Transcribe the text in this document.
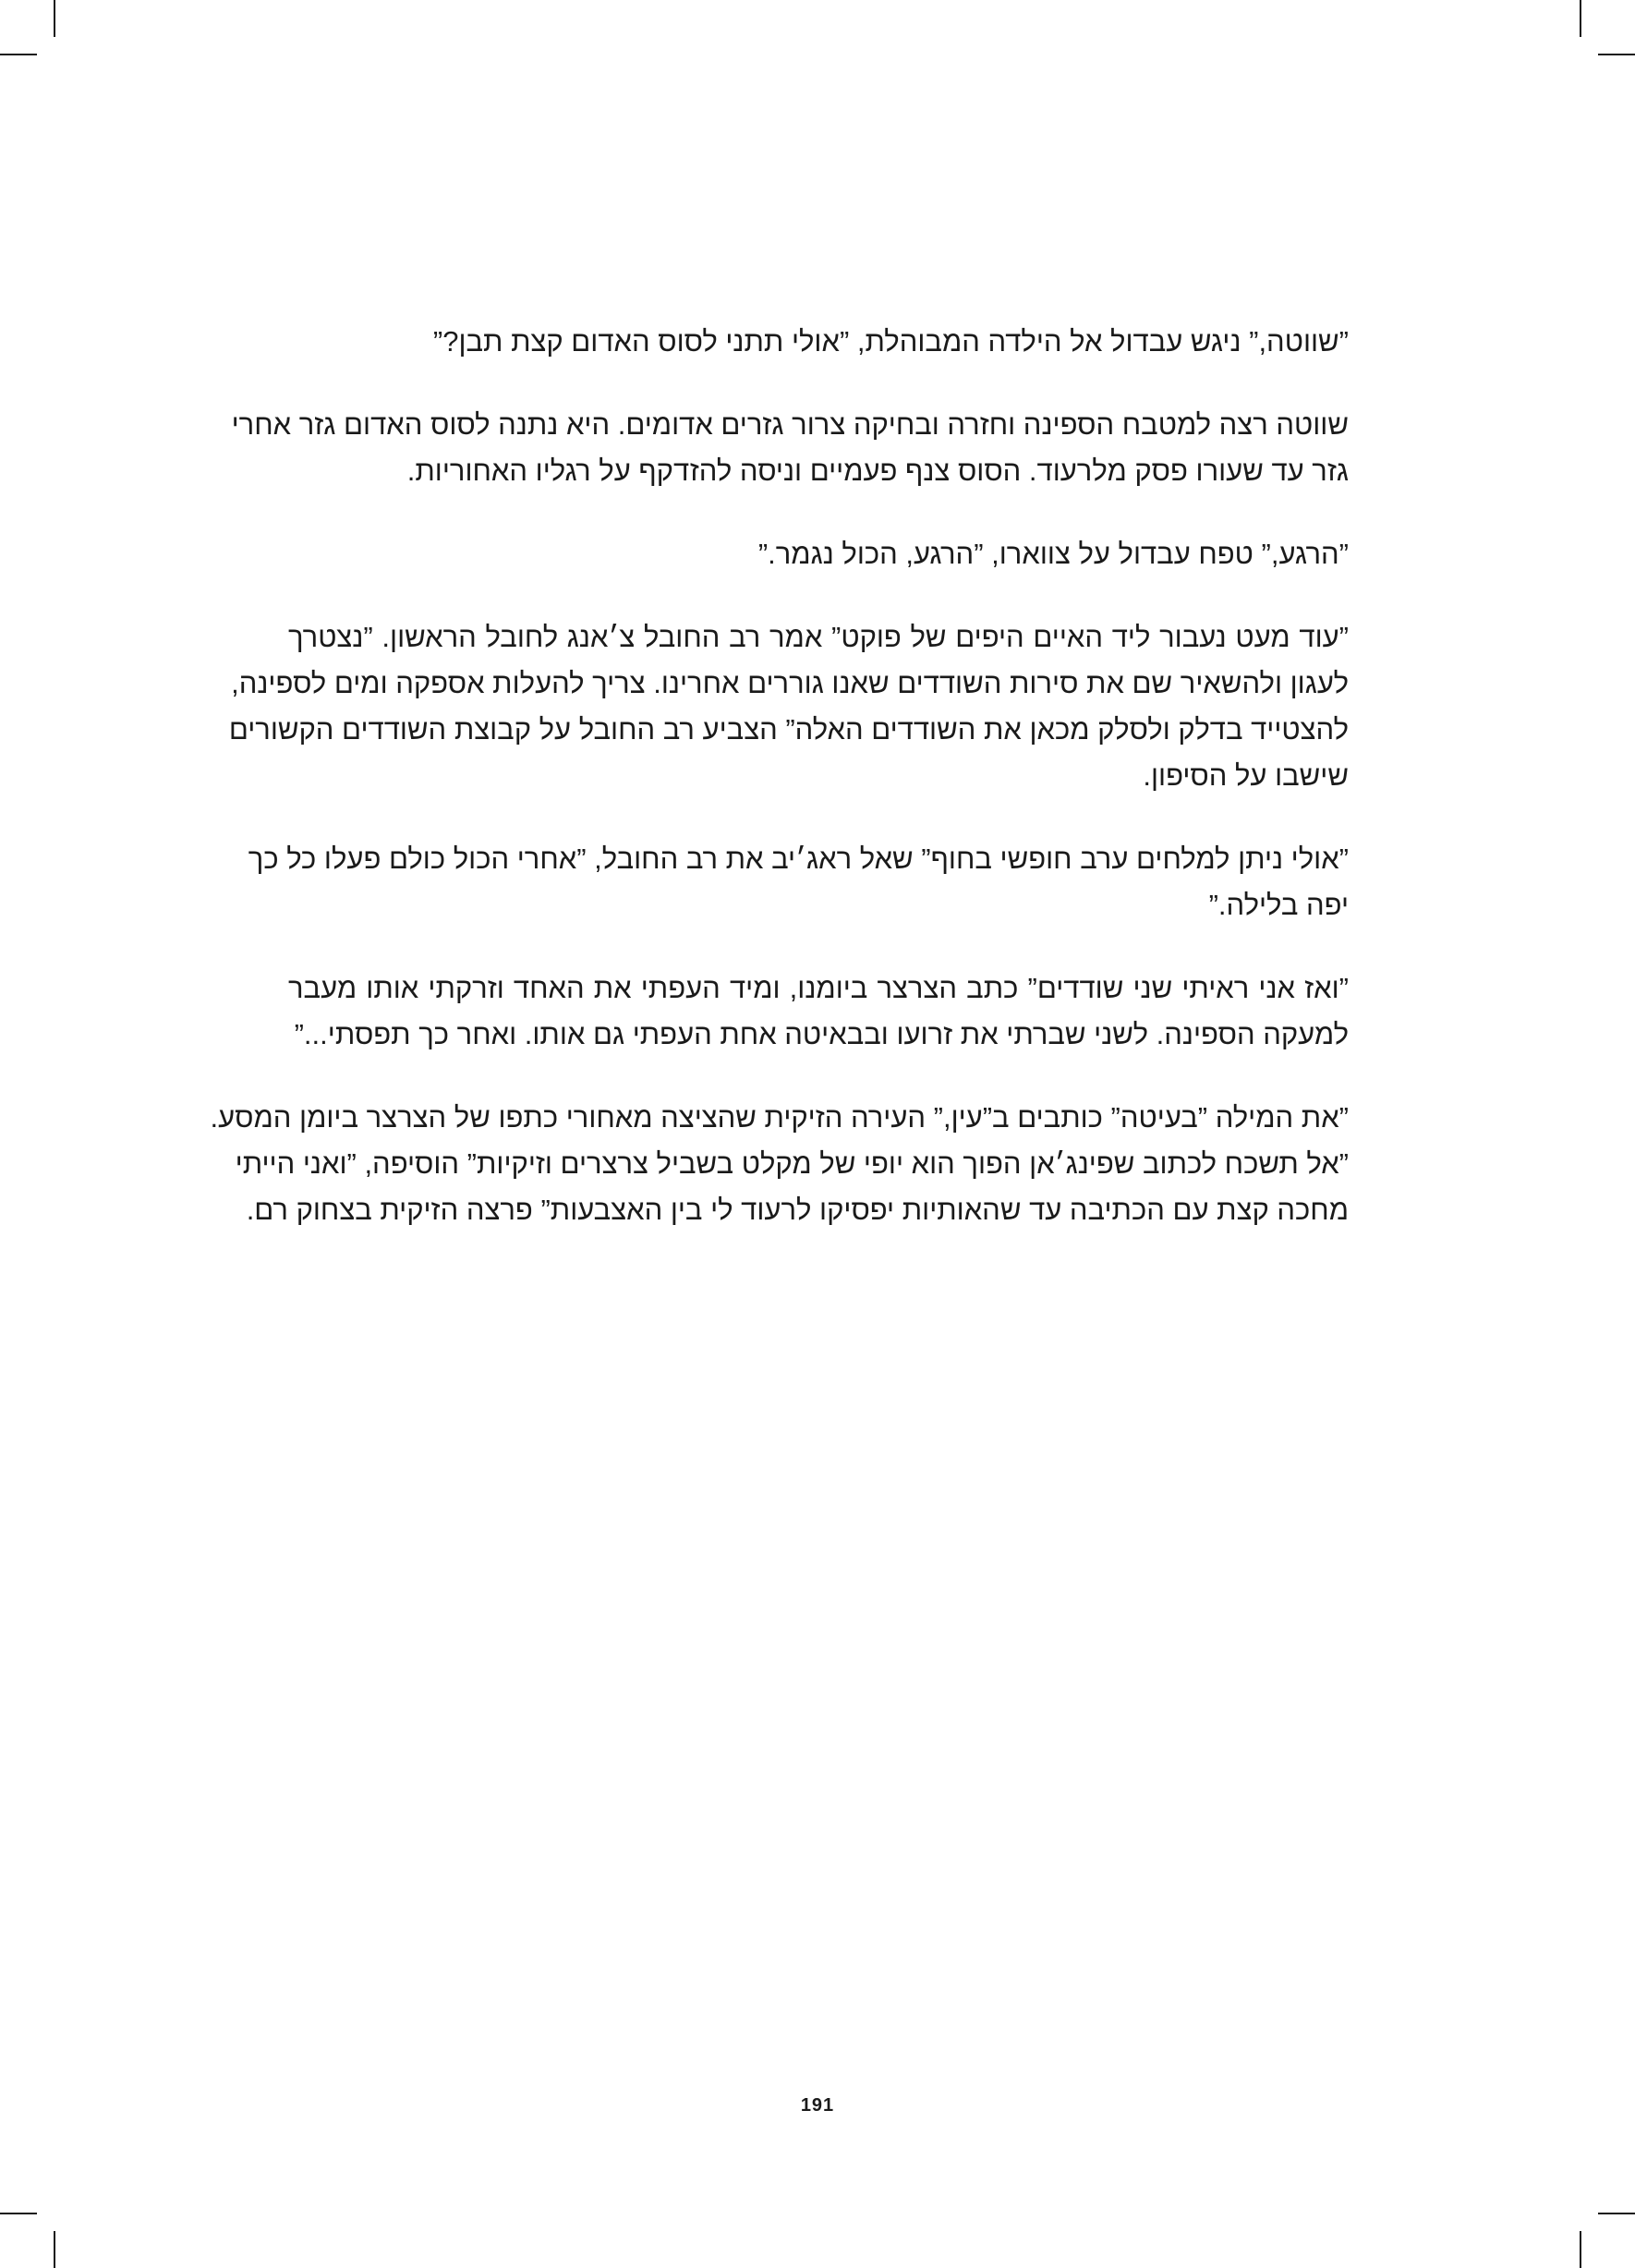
”שווטה,” ניגש עבדול אל הילדה המבוהלת, ”אולי תתני לסוס האדום קצת תבן?”

שווטה רצה למטבח הספינה וחזרה ובחיקה צרור גזרים אדומים. היא נתנה לסוס האדום גזר אחרי
גזר עד שעורו פסק מלרעוד. הסוס צנף פעמיים וניסה להזדקף על רגליו האחוריות.

”הרגע,” טפח עבדול על צווארו, ”הרגע, הכול נגמר.”

”עוד מעט נעבור ליד האיים היפים של פוקט” אמר רב החובל צ׳אנג לחובל הראשון. ”נצטרך
לעגון ולהשאיר שם את סירות השודדים שאנו גוררים אחרינו. צריך להעלות אספקה ומים לספינה,
להצטייד בדלק ולסלק מכאן את השודדים האלה” הצביע רב החובל על קבוצת השודדים הקשורים
שישבו על הסיפון.

”אולי ניתן למלחים ערב חופשי בחוף” שאל ראג׳יב את רב החובל, ”אחרי הכול כולם פעלו כל כך
יפה בלילה.”

”ואז אני ראיתי שני שודדים” כתב הצרצר ביומנו, ומיד העפתי את האחד וזרקתי אותו מעבר
למעקה הספינה. לשני שברתי את זרועו ובבאיטה אחת העפתי גם אותו. ואחר כך תפסתי...”

”את המילה ”בעיטה” כותבים ב”עין,” העירה הזיקית שהציצה מאחורי כתפו של הצרצר ביומן המסע.
”אל תשכח לכתוב שפינג׳אן הפוך הוא יופי של מקלט בשביל צרצרים וזיקיות” הוסיפה, ”ואני הייתי
מחכה קצת עם הכתיבה עד שהאותיות יפסיקו לרעוד לי בין האצבעות” פרצה הזיקית בצחוק רם.

191
